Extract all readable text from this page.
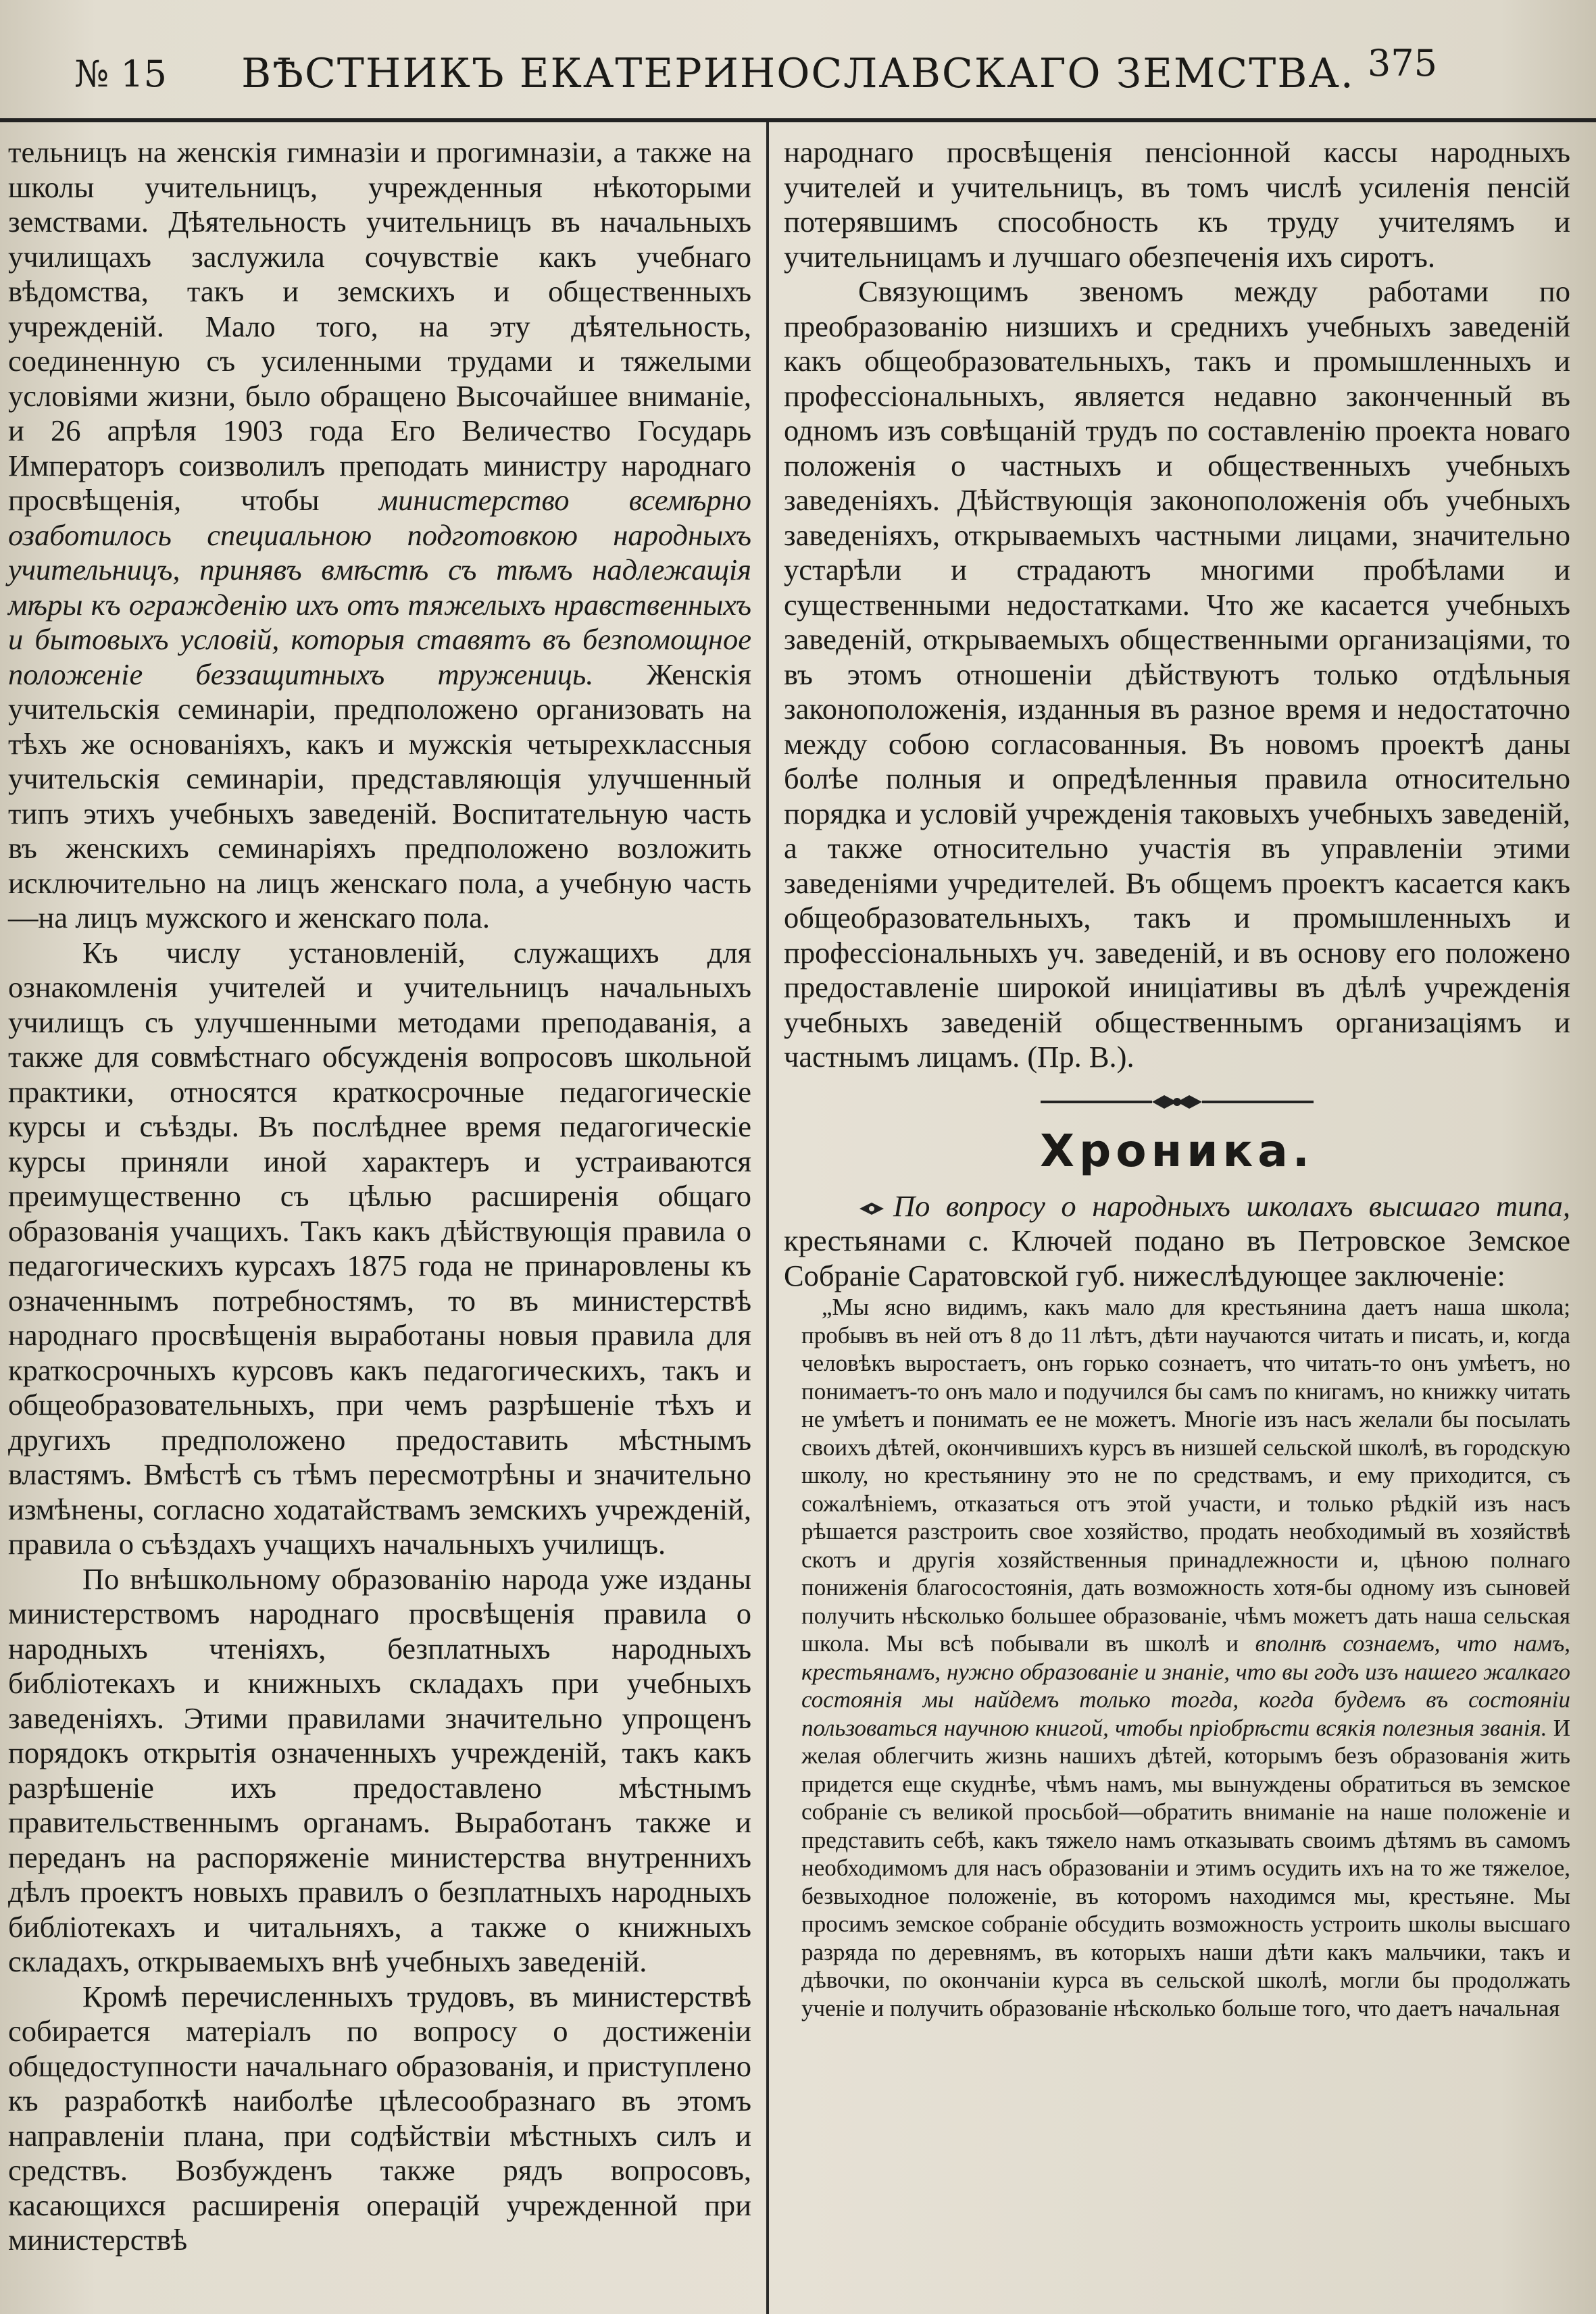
№ 15	ВѢСТНИКЪ ЕКАТЕРИНОСЛАВСКАГО ЗЕМСТВА. 375

тельницъ на женскія гимназіи и прогимназіи, а также на школы учительницъ, учрежденныя нѣкоторыми земствами. Дѣятельность учительницъ въ начальныхъ училищахъ заслужила сочувствіе какъ учебнаго вѣдомства, такъ и земскихъ и общественныхъ учрежденій. Мало того, на эту дѣятельность, соединенную съ усиленными трудами и тяжелыми условіями жизни, было обращено Высочайшее вниманіе, и 26 апрѣля 1903 года Его Величество Государь Императоръ соизволилъ преподать министру народнаго просвѣщенія, чтобы министерство всемѣрно озаботилось специальною подготовкою народныхъ учительницъ, принявъ вмѣстѣ съ тѣмъ надлежащія мѣры къ огражденію ихъ отъ тяжелыхъ нравственныхъ и бытовыхъ условій, которыя ставятъ въ безпомощное положеніе беззащитныхъ тружениць. Женскія учительскія семинаріи, предположено организовать на тѣхъ же основаніяхъ, какъ и мужскія четырехклассныя учительскія семинаріи, представляющія улучшенный типъ этихъ учебныхъ заведеній. Воспитательную часть въ женскихъ семинаріяхъ предположено возложить исключительно на лицъ женскаго пола, а учебную часть—на лицъ мужского и женскаго пола.

Къ числу установленій, служащихъ для ознакомленія учителей и учительницъ начальныхъ училищъ съ улучшенными методами преподаванія, а также для совмѣстнаго обсужденія вопросовъ школьной практики, относятся краткосрочные педагогическіе курсы и съѣзды. Въ послѣднее время педагогическіе курсы приняли иной характеръ и устраиваются преимущественно съ цѣлью расширенія общаго образованія учащихъ. Такъ какъ дѣйствующія правила о педагогическихъ курсахъ 1875 года не принаровлены къ означеннымъ потребностямъ, то въ министерствѣ народнаго просвѣщенія выработаны новыя правила для краткосрочныхъ курсовъ какъ педагогическихъ, такъ и общеобразовательныхъ, при чемъ разрѣшеніе тѣхъ и другихъ предположено предоставить мѣстнымъ властямъ. Вмѣстѣ съ тѣмъ пересмотрѣны и значительно измѣнены, согласно ходатайствамъ земскихъ учрежденій, правила о съѣздахъ учащихъ начальныхъ училищъ.

По внѣшкольному образованію народа уже изданы министерствомъ народнаго просвѣщенія правила о народныхъ чтеніяхъ, безплатныхъ народныхъ библіотекахъ и книжныхъ складахъ при учебныхъ заведеніяхъ. Этими правилами значительно упрощенъ порядокъ открытія означенныхъ учрежденій, такъ какъ разрѣшеніе ихъ предоставлено мѣстнымъ правительственнымъ органамъ. Выработанъ также и переданъ на распоряженіе министерства внутреннихъ дѣлъ проектъ новыхъ правилъ о безплатныхъ народныхъ библіотекахъ и читальняхъ, а также о книжныхъ складахъ, открываемыхъ внѣ учебныхъ заведеній.

Кромѣ перечисленныхъ трудовъ, въ министерствѣ собирается матеріалъ по вопросу о достиженіи общедоступности начальнаго образованія, и приступлено къ разработкѣ наиболѣе цѣлесообразнаго въ этомъ направленіи плана, при содѣйствіи мѣстныхъ силъ и средствъ. Возбужденъ также рядъ вопросовъ, касающихся расширенія операцій учрежденной при министерствѣ

народнаго просвѣщенія пенсіонной кассы народныхъ учителей и учительницъ, въ томъ числѣ усиленія пенсій потерявшимъ способность къ труду учителямъ и учительницамъ и лучшаго обезпеченія ихъ сиротъ.

Связующимъ звеномъ между работами по преобразованію низшихъ и среднихъ учебныхъ заведеній какъ общеобразовательныхъ, такъ и промышленныхъ и профессіональныхъ, является недавно законченный въ одномъ изъ совѣщаній трудъ по составленію проекта новаго положенія о частныхъ и общественныхъ учебныхъ заведеніяхъ. Дѣйствующія законоположенія объ учебныхъ заведеніяхъ, открываемыхъ частными лицами, значительно устарѣли и страдаютъ многими пробѣлами и существенными недостатками. Что же касается учебныхъ заведеній, открываемыхъ общественными организаціями, то въ этомъ отношеніи дѣйствуютъ только отдѣльныя законоположенія, изданныя въ разное время и недостаточно между собою согласованныя. Въ новомъ проектѣ даны болѣе полныя и опредѣленныя правила относительно порядка и условій учрежденія таковыхъ учебныхъ заведеній, а также относительно участія въ управленіи этими заведеніями учредителей. Въ общемъ проектъ касается какъ общеобразовательныхъ, такъ и промышленныхъ и профессіональныхъ уч. заведеній, и въ основу его положено предоставленіе широкой иниціативы въ дѣлѣ учрежденія учебныхъ заведеній общественнымъ организаціямъ и частнымъ лицамъ. (Пр. В.).

Хроника.

По вопросу о народныхъ школахъ высшаго типа, крестьянами с. Ключей подано въ Петровское Земское Собраніе Саратовской губ. нижеслѣдующее заключеніе:

„Мы ясно видимъ, какъ мало для крестьянина даетъ наша школа; пробывъ въ ней отъ 8 до 11 лѣтъ, дѣти научаются читать и писать, и, когда человѣкъ выростаетъ, онъ горько сознаетъ, что читать-то онъ умѣетъ, но понимаетъ-то онъ мало и подучился бы самъ по книгамъ, но книжку читать не умѣетъ и понимать ее не можетъ. Многіе изъ насъ желали бы посылать своихъ дѣтей, окончившихъ курсъ въ низшей сельской школѣ, въ городскую школу, но крестьянину это не по средствамъ, и ему приходится, съ сожалѣніемъ, отказаться отъ этой участи, и только рѣдкій изъ насъ рѣшается разстроить свое хозяйство, продать необходимый въ хозяйствѣ скотъ и другія хозяйственныя принадлежности и, цѣною полнаго пониженія благосостоянія, дать возможность хотя-бы одному изъ сыновей получить нѣсколько большее образованіе, чѣмъ можетъ дать наша сельская школа. Мы всѣ побывали въ школѣ и вполнѣ сознаемъ, что намъ, крестьянамъ, нужно образованіе и знаніе, что вы годъ изъ нашего жалкаго состоянія мы найдемъ только тогда, когда будемъ въ состояніи пользоваться научною книгой, чтобы пріобрѣсти всякія полезныя званія. И желая облегчить жизнь нашихъ дѣтей, которымъ безъ образованія жить придется еще скуднѣе, чѣмъ намъ, мы вынуждены обратиться въ земское собраніе съ великой просьбой—обратить вниманіе на наше положеніе и представить себѣ, какъ тяжело намъ отказывать своимъ дѣтямъ въ самомъ необходимомъ для насъ образованіи и этимъ осудить ихъ на то же тяжелое, безвыходное положеніе, въ которомъ находимся мы, крестьяне. Мы просимъ земское собраніе обсудить возможность устроить школы высшаго разряда по деревнямъ, въ которыхъ наши дѣти какъ мальчики, такъ и дѣвочки, по окончаніи курса въ сельской школѣ, могли бы продолжать ученіе и получить образованіе нѣсколько больше того, что даетъ начальная
